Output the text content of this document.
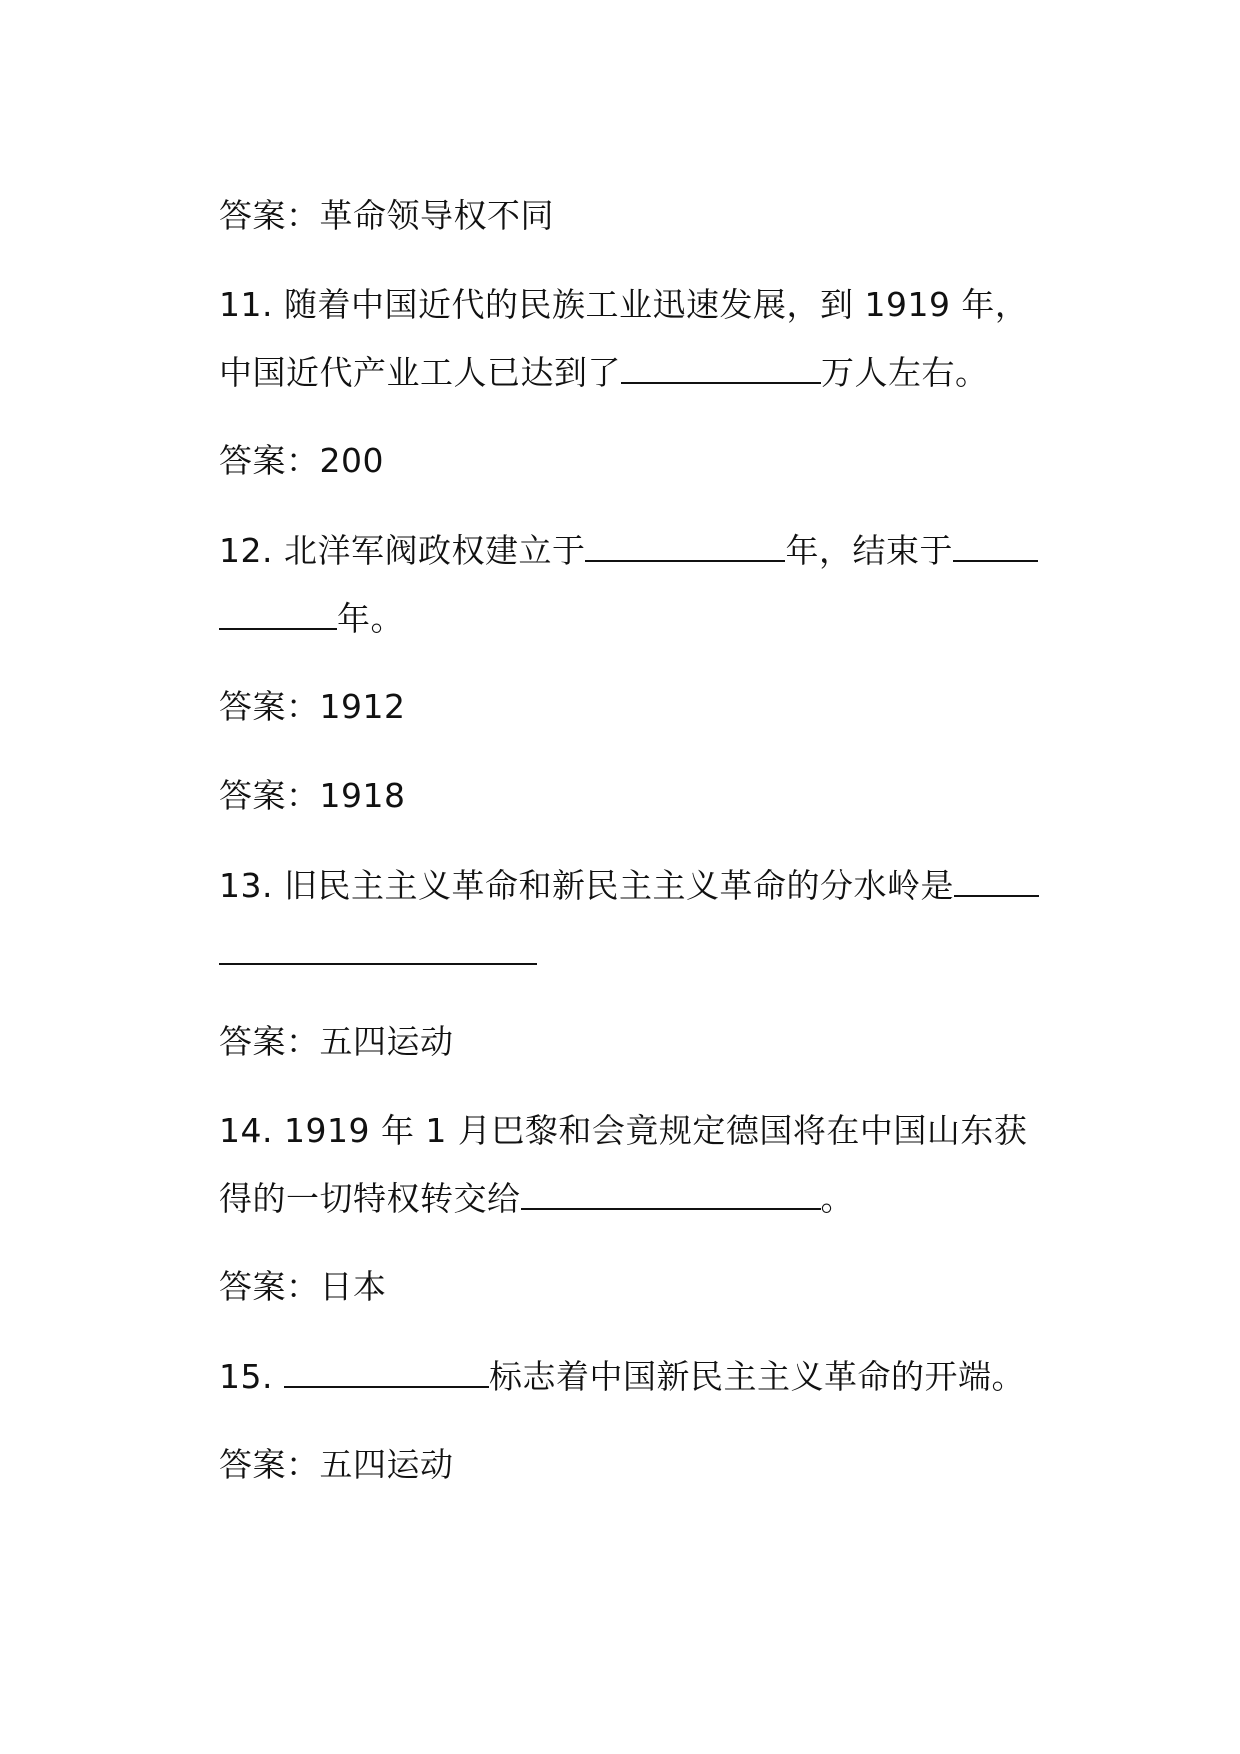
答案：革命领导权不同
11. 随着中国近代的民族工业迅速发展，到 1919 年，
中国近代产业工人已达到了	万人左右。
答案：200
12. 北洋军阀政权建立于	年，结束于
年。
答案：1912
答案：1918
13. 旧民主主义革命和新民主主义革命的分水岭是
答案：五四运动
14. 1919 年 1 月巴黎和会竟规定德国将在中国山东获
得的一切特权转交给	。
答案：日本
15.	标志着中国新民主主义革命的开端。
答案：五四运动
